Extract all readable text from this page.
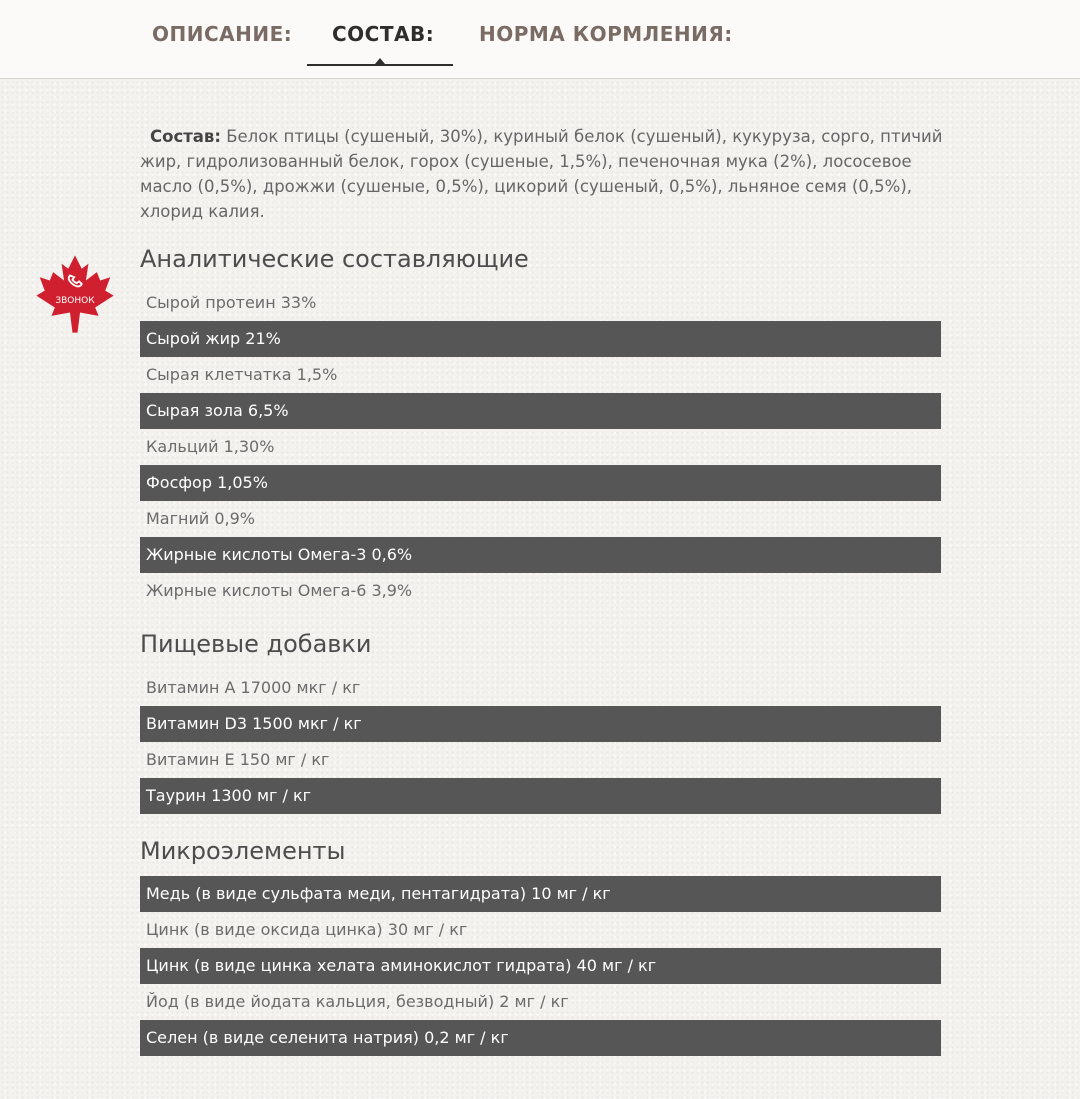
ОПИСАНИЕ: СОСТАВ: НОРМА КОРМЛЕНИЯ:
Состав: Белок птицы (сушеный, 30%), куриный белок (сушеный), кукуруза, сорго, птичий жир, гидролизованный белок, горох (сушеные, 1,5%), печеночная мука (2%), лососевое масло (0,5%), дрожжи (сушеные, 0,5%), цикорий (сушеный, 0,5%), льняное семя (0,5%), хлорид калия.
ЗВОНОК
Аналитические составляющие
Сырой протеин 33%
Сырой жир 21%
Сырая клетчатка 1,5%
Сырая зола 6,5%
Кальций 1,30%
Фосфор 1,05%
Магний 0,9%
Жирные кислоты Омега-3 0,6%
Жирные кислоты Омега-6 3,9%
Пищевые добавки
Витамин А 17000 мкг / кг
Витамин D3 1500 мкг / кг
Витамин Е 150 мг / кг
Таурин 1300 мг / кг
Микроэлементы
Медь (в виде сульфата меди, пентагидрата) 10 мг / кг
Цинк (в виде оксида цинка) 30 мг / кг
Цинк (в виде цинка хелата аминокислот гидрата) 40 мг / кг
Йод (в виде йодата кальция, безводный) 2 мг / кг
Селен (в виде селенита натрия) 0,2 мг / кг
